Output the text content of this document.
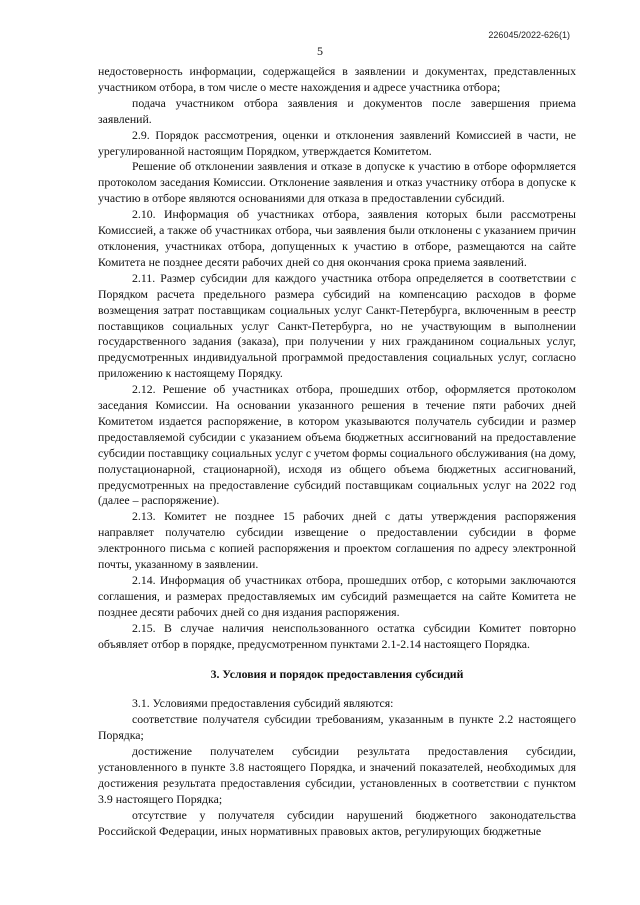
226045/2022-626(1)
5

недостоверность информации, содержащейся в заявлении и документах, представленных участником отбора, в том числе о месте нахождения и адресе участника отбора;

подача участником отбора заявления и документов после завершения приема заявлений.

2.9. Порядок рассмотрения, оценки и отклонения заявлений Комиссией в части, не урегулированной настоящим Порядком, утверждается Комитетом.

Решение об отклонении заявления и отказе в допуске к участию в отборе оформляется протоколом заседания Комиссии. Отклонение заявления и отказ участнику отбора в допуске к участию в отборе являются основаниями для отказа в предоставлении субсидий.

2.10. Информация об участниках отбора, заявления которых были рассмотрены Комиссией, а также об участниках отбора, чьи заявления были отклонены с указанием причин отклонения, участниках отбора, допущенных к участию в отборе, размещаются на сайте Комитета не позднее десяти рабочих дней со дня окончания срока приема заявлений.

2.11. Размер субсидии для каждого участника отбора определяется в соответствии с Порядком расчета предельного размера субсидий на компенсацию расходов в форме возмещения затрат поставщикам социальных услуг Санкт-Петербурга, включенным в реестр поставщиков социальных услуг Санкт-Петербурга, но не участвующим в выполнении государственного задания (заказа), при получении у них гражданином социальных услуг, предусмотренных индивидуальной программой предоставления социальных услуг, согласно приложению к настоящему Порядку.

2.12. Решение об участниках отбора, прошедших отбор, оформляется протоколом заседания Комиссии. На основании указанного решения в течение пяти рабочих дней Комитетом издается распоряжение, в котором указываются получатель субсидии и размер предоставляемой субсидии с указанием объема бюджетных ассигнований на предоставление субсидии поставщику социальных услуг с учетом формы социального обслуживания (на дому, полустационарной, стационарной), исходя из общего объема бюджетных ассигнований, предусмотренных на предоставление субсидий поставщикам социальных услуг на 2022 год (далее – распоряжение).

2.13. Комитет не позднее 15 рабочих дней с даты утверждения распоряжения направляет получателю субсидии извещение о предоставлении субсидии в форме электронного письма с копией распоряжения и проектом соглашения по адресу электронной почты, указанному в заявлении.

2.14. Информация об участниках отбора, прошедших отбор, с которыми заключаются соглашения, и размерах предоставляемых им субсидий размещается на сайте Комитета не позднее десяти рабочих дней со дня издания распоряжения.

2.15. В случае наличия неиспользованного остатка субсидии Комитет повторно объявляет отбор в порядке, предусмотренном пунктами 2.1-2.14 настоящего Порядка.

3. Условия и порядок предоставления субсидий

3.1. Условиями предоставления субсидий являются:

соответствие получателя субсидии требованиям, указанным в пункте 2.2 настоящего Порядка;

достижение получателем субсидии результата предоставления субсидии, установленного в пункте 3.8 настоящего Порядка, и значений показателей, необходимых для достижения результата предоставления субсидии, установленных в соответствии с пунктом 3.9 настоящего Порядка;

отсутствие у получателя субсидии нарушений бюджетного законодательства Российской Федерации, иных нормативных правовых актов, регулирующих бюджетные
